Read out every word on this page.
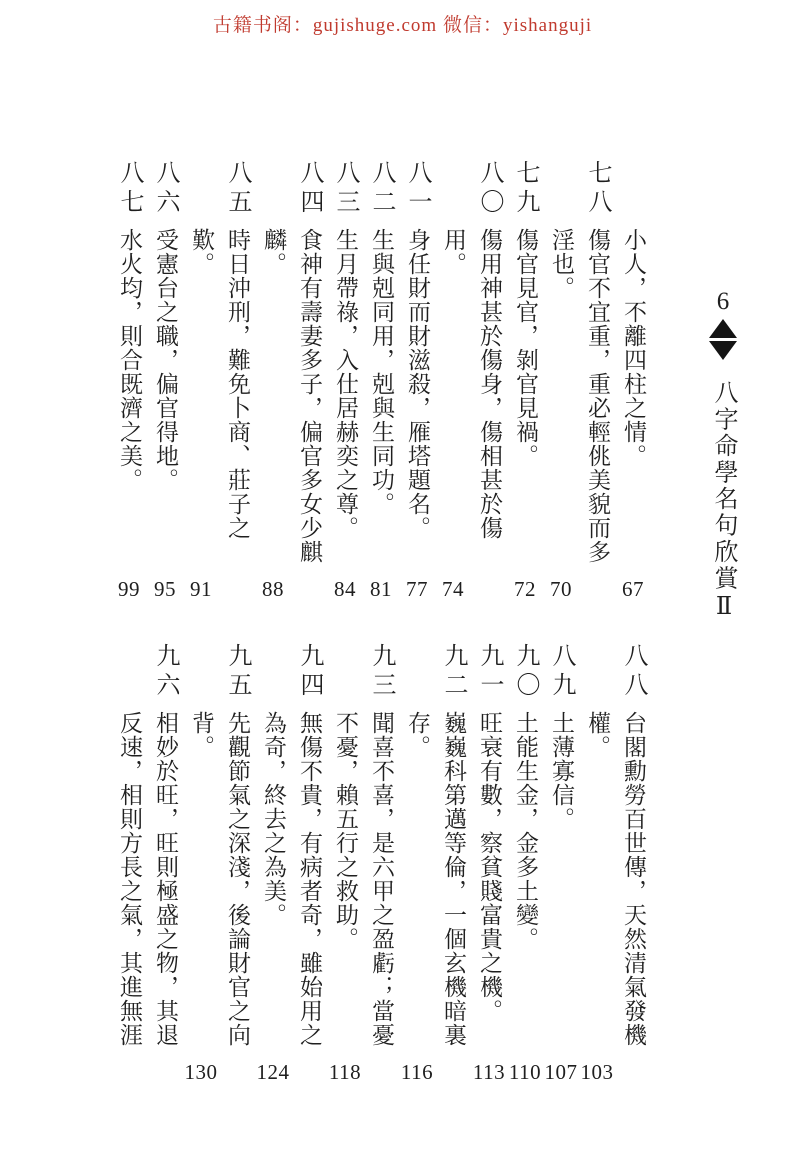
古籍书阁：gujishuge.com 微信：yishanguji
小人，不離四柱之情。
67
七八
傷官不宜重，重必輕佻美貌而多
淫也。
70
七九
傷官見官，剝官見禍。
72
八〇
傷用神甚於傷身，傷相甚於傷
用。
74
八一
身任財而財滋殺，雁塔題名。
77
八二
生與剋同用，剋與生同功。
81
八三
生月帶祿，入仕居赫奕之尊。
84
八四
食神有壽妻多子，偏官多女少麒
麟。
88
八五
時日沖刑，難免卜商、莊子之
歎。
91
八六
受憲台之職，偏官得地。
95
八七
水火均，則合既濟之美。
99
八八
台閣勳勞百世傳，天然清氣發機
權。
103
八九
土薄寡信。
107
九〇
土能生金，金多土變。
110
九一
旺衰有數，察貧賤富貴之機。
113
九二
巍巍科第邁等倫，一個玄機暗裏
存。
116
九三
聞喜不喜，是六甲之盈虧；當憂
不憂，賴五行之救助。
118
九四
無傷不貴，有病者奇，雖始用之
為奇，終去之為美。
124
九五
先觀節氣之深淺，後論財官之向
背。
130
九六
相妙於旺，旺則極盛之物，其退
反速，相則方長之氣，其進無涯
6
八字命學名句欣賞Ⅱ
